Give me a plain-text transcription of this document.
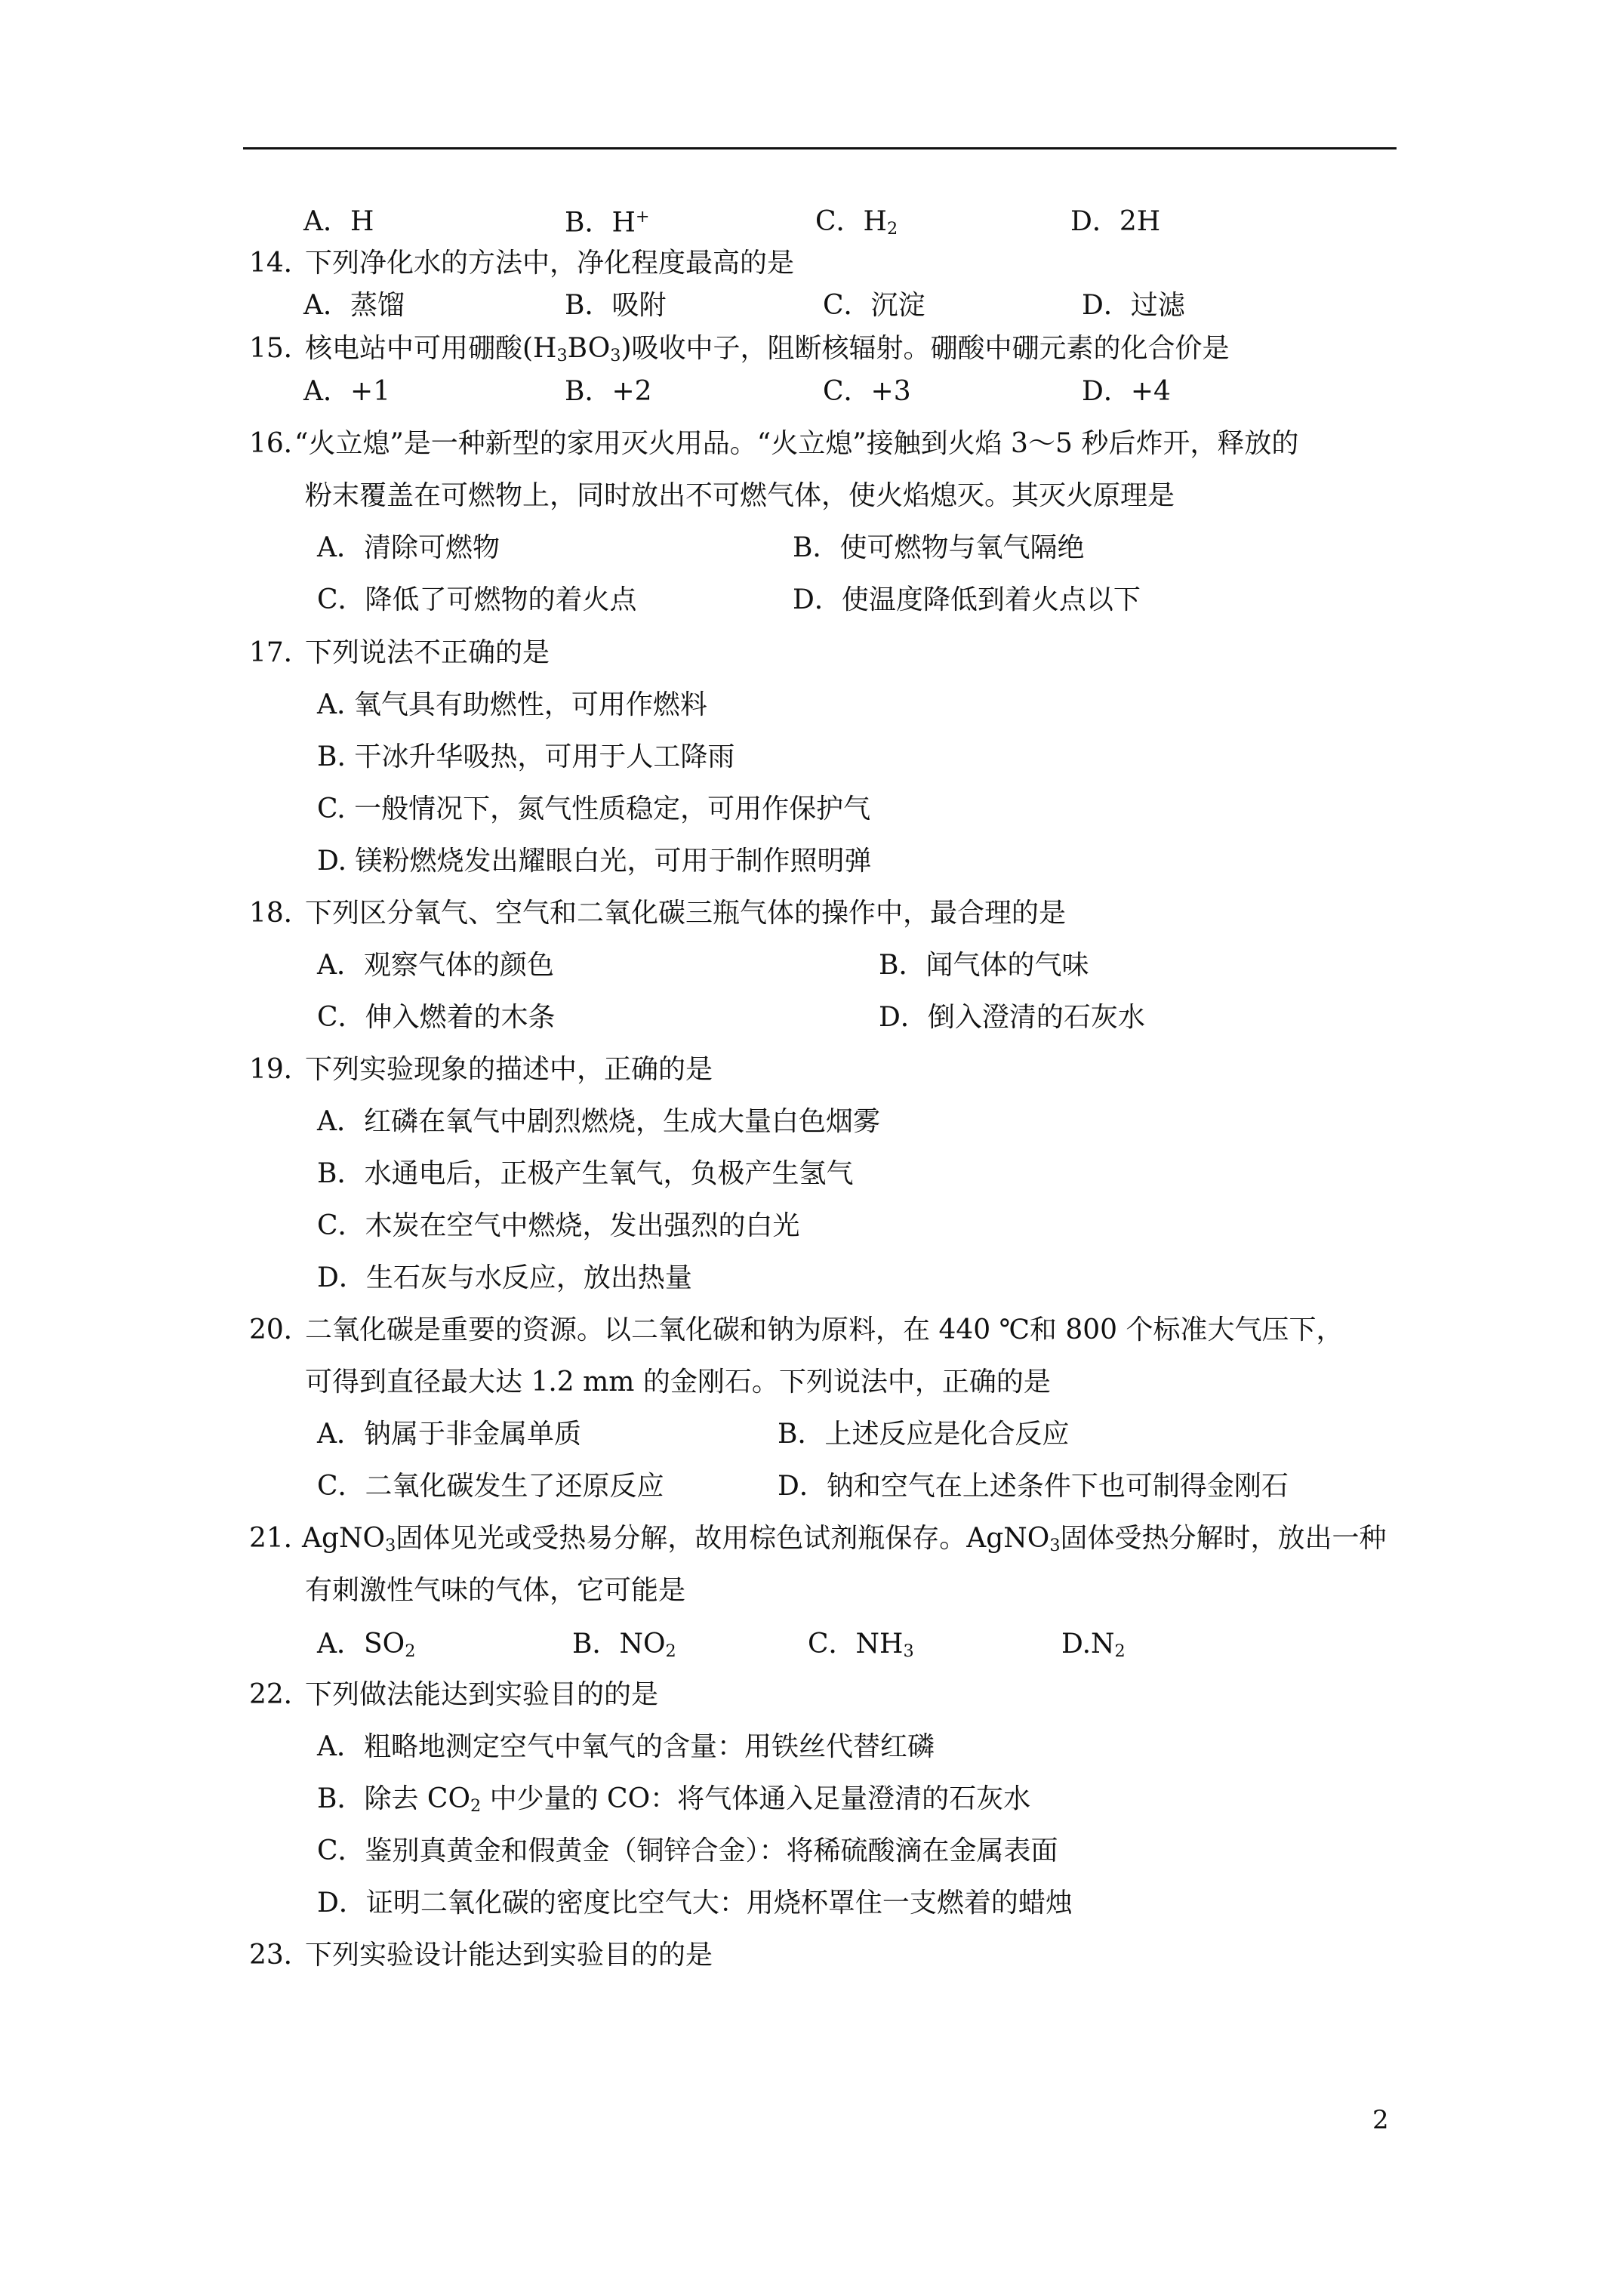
A．H	B．H+	C．$H_2$	D．2H
14．
下列净化水的方法中，净化程度最高的是
A．蒸馏	B．吸附	C．沉淀	D．过滤
15．
核电站中可用硼酸$(H_3BO_3)$吸收中子，阻断核辐射。硼酸中硼元素的化合价是
A．+1	B．+2	C．+3	D．+4
16．
“火立熄”是一种新型的家用灭火用品。“火立熄”接触到火焰 3～5 秒后炸开，释放的
粉末覆盖在可燃物上，同时放出不可燃气体，使火焰熄灭。其灭火原理是
A．清除可燃物	B．使可燃物与氧气隔绝
C．降低了可燃物的着火点	D．使温度降低到着火点以下
17．
下列说法不正确的是
A. 氧气具有助燃性，可用作燃料
B. 干冰升华吸热，可用于人工降雨
C. 一般情况下，氮气性质稳定，可用作保护气
D. 镁粉燃烧发出耀眼白光，可用于制作照明弹
18．
下列区分氧气、空气和二氧化碳三瓶气体的操作中，最合理的是
A．观察气体的颜色	B．闻气体的气味
C．伸入燃着的木条	D．倒入澄清的石灰水
19．
下列实验现象的描述中，正确的是
A．红磷在氧气中剧烈燃烧，生成大量白色烟雾
B．水通电后，正极产生氧气，负极产生氢气
C．木炭在空气中燃烧，发出强烈的白光
D．生石灰与水反应，放出热量
20．
二氧化碳是重要的资源。以二氧化碳和钠为原料，在 440 ℃和 800 个标准大气压下，
可得到直径最大达 1.2 mm 的金刚石。下列说法中，正确的是
A．钠属于非金属单质	B．上述反应是化合反应
C．二氧化碳发生了还原反应	D．钠和空气在上述条件下也可制得金刚石
21．
AgNO$_3$固体见光或受热易分解，故用棕色试剂瓶保存。AgNO$_3$固体受热分解时，放出一种
有刺激性气味的气体，它可能是
A．$SO_2$	B．$NO_2$	C．$NH_3$	$D.N_2$
22．
下列做法能达到实验目的的是
A．粗略地测定空气中氧气的含量：用铁丝代替红磷
B．除去 $CO_2$ 中少量的 CO：将气体通入足量澄清的石灰水
C．鉴别真黄金和假黄金（铜锌合金）：将稀硫酸滴在金属表面
D．证明二氧化碳的密度比空气大：用烧杯罩住一支燃着的蜡烛
23．
下列实验设计能达到实验目的的是
2
